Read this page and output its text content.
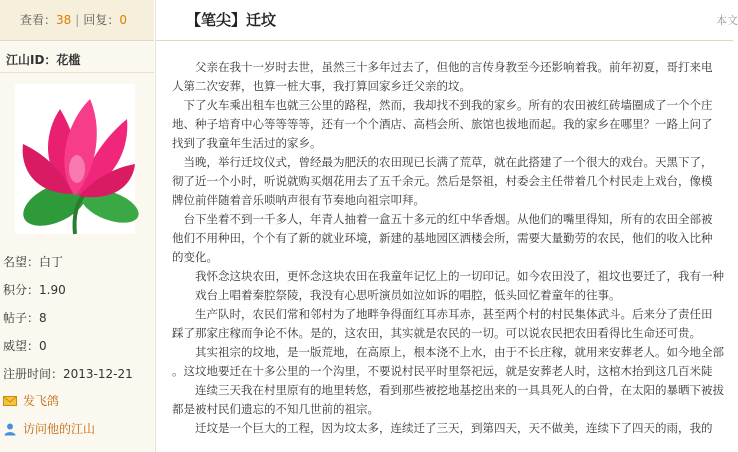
查看：38 | 回复：0
江山ID：花槛
名望：白丁
积分：1.90
帖子：8
威望：0
注册时间：2013-12-21
发飞鸽
访问他的江山
【笔尖】迁坟	本文

　　父亲在我十一岁时去世，虽然三十多年过去了，但他的言传身教至今还影响着我。前年初夏，哥打来电

人第二次安葬，也算一桩大事，我打算回家乡迁父亲的坟。

　下了火车乘出租车也就三公里的路程，然而，我却找不到我的家乡。所有的农田被红砖墙圈成了一个个庄

地、种子培育中心等等等等，还有一个个酒店、高档会所、旅馆也拔地而起。我的家乡在哪里？一路上问了

找到了我童年生活过的家乡。

　当晚，举行迁坟仪式，曾经最为肥沃的农田现已长满了荒草，就在此搭建了一个很大的戏台。天黑下了，

彻了近一个小时，听说就购买烟花用去了五千余元。然后是祭祖，村委会主任带着几个村民走上戏台，像模

牌位前伴随着音乐唢呐声很有节奏地向祖宗叩拜。

　台下坐着不到一千多人，年青人抽着一盒五十多元的红中华香烟。从他们的嘴里得知，所有的农田全部被

他们不用种田，个个有了新的就业环境，新建的基地园区洒楼会所，需要大量勤劳的农民，他们的收入比种

的变化。

　　我怀念这块农田，更怀念这块农田在我童年记忆上的一切印记。如今农田没了，祖坟也要迁了，我有一种

　　戏台上唱着秦腔祭陵，我没有心思听演员如泣如诉的唱腔，低头回忆着童年的往事。

　　生产队时，农民们常和邻村为了地畔争得面红耳赤耳赤，甚至两个村的村民集体武斗。后来分了责任田

踩了那家庄稼而争论不休。是的，这农田，其实就是农民的一切。可以说农民把农田看得比生命还可贵。

　　其实祖宗的坟地，是一版荒地，在高原上，根本浇不上水，由于不长庄稼，就用来安葬老人。如今地全部

。这坟地要迁在十多公里的一个沟里，不要说村民平时里祭祀远，就是安葬老人时，这棺木抬到这几百米陡

　　连续三天我在村里原有的地里转悠，看到那些被挖地基挖出来的一具具死人的白骨，在太阳的暴晒下被拔

都是被村民们遗忘的不知几世前的祖宗。

　　迁坟是一个巨大的工程，因为坟太多，连续迁了三天，到第四天，天不做美，连续下了四天的雨，我的
